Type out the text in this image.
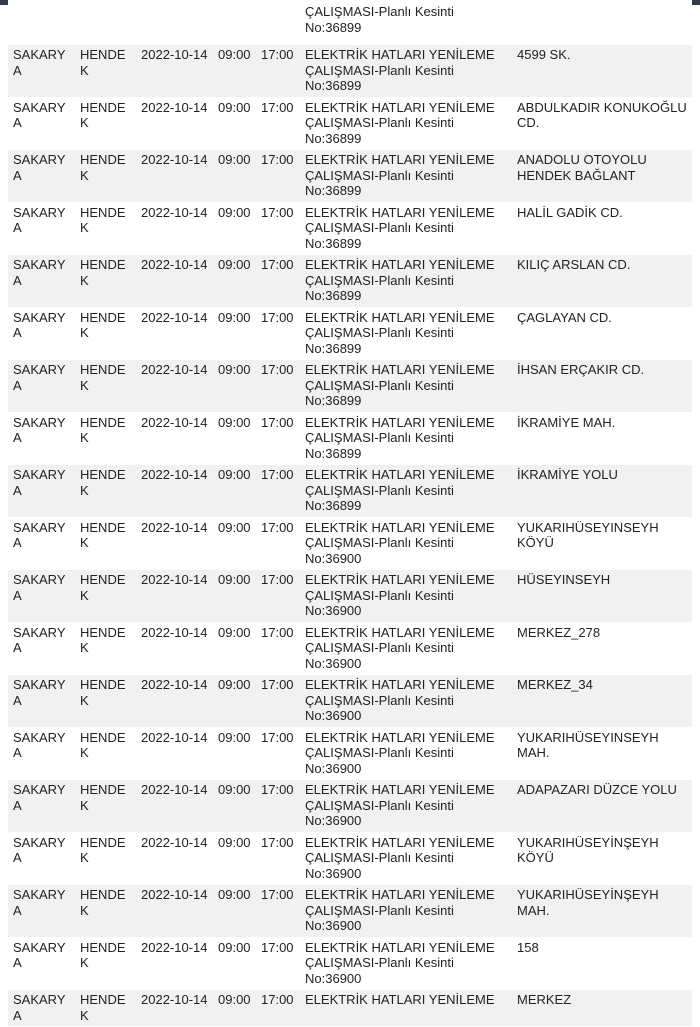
					ÇALIŞMASI-Planlı Kesinti
No:36899	

SAKARYA	HENDEK	2022-10-14	09:00	17:00	ELEKTRİK HATLARI YENİLEME
ÇALIŞMASI-Planlı Kesinti
No:36899	4599 SK.
SAKARYA	HENDEK	2022-10-14	09:00	17:00	ELEKTRİK HATLARI YENİLEME
ÇALIŞMASI-Planlı Kesinti
No:36899	ABDULKADIR KONUKOĞLU CD.
SAKARYA	HENDEK	2022-10-14	09:00	17:00	ELEKTRİK HATLARI YENİLEME
ÇALIŞMASI-Planlı Kesinti
No:36899	ANADOLU OTOYOLU HENDEK BAĞLANT
SAKARYA	HENDEK	2022-10-14	09:00	17:00	ELEKTRİK HATLARI YENİLEME
ÇALIŞMASI-Planlı Kesinti
No:36899	HALİL GADİK CD.
SAKARYA	HENDEK	2022-10-14	09:00	17:00	ELEKTRİK HATLARI YENİLEME
ÇALIŞMASI-Planlı Kesinti
No:36899	KILIÇ ARSLAN CD.
SAKARYA	HENDEK	2022-10-14	09:00	17:00	ELEKTRİK HATLARI YENİLEME
ÇALIŞMASI-Planlı Kesinti
No:36899	ÇAGLAYAN CD.
SAKARYA	HENDEK	2022-10-14	09:00	17:00	ELEKTRİK HATLARI YENİLEME
ÇALIŞMASI-Planlı Kesinti
No:36899	İHSAN ERÇAKIR CD.
SAKARYA	HENDEK	2022-10-14	09:00	17:00	ELEKTRİK HATLARI YENİLEME
ÇALIŞMASI-Planlı Kesinti
No:36899	İKRAMİYE MAH.
SAKARYA	HENDEK	2022-10-14	09:00	17:00	ELEKTRİK HATLARI YENİLEME
ÇALIŞMASI-Planlı Kesinti
No:36899	İKRAMİYE YOLU
SAKARYA	HENDEK	2022-10-14	09:00	17:00	ELEKTRİK HATLARI YENİLEME
ÇALIŞMASI-Planlı Kesinti
No:36900	YUKARIHÜSEYINSEYH KÖYÜ
SAKARYA	HENDEK	2022-10-14	09:00	17:00	ELEKTRİK HATLARI YENİLEME
ÇALIŞMASI-Planlı Kesinti
No:36900	HÜSEYINSEYH
SAKARYA	HENDEK	2022-10-14	09:00	17:00	ELEKTRİK HATLARI YENİLEME
ÇALIŞMASI-Planlı Kesinti
No:36900	MERKEZ_278
SAKARYA	HENDEK	2022-10-14	09:00	17:00	ELEKTRİK HATLARI YENİLEME
ÇALIŞMASI-Planlı Kesinti
No:36900	MERKEZ_34
SAKARYA	HENDEK	2022-10-14	09:00	17:00	ELEKTRİK HATLARI YENİLEME
ÇALIŞMASI-Planlı Kesinti
No:36900	YUKARIHÜSEYINSEYH MAH.
SAKARYA	HENDEK	2022-10-14	09:00	17:00	ELEKTRİK HATLARI YENİLEME
ÇALIŞMASI-Planlı Kesinti
No:36900	ADAPAZARI DÜZCE YOLU
SAKARYA	HENDEK	2022-10-14	09:00	17:00	ELEKTRİK HATLARI YENİLEME
ÇALIŞMASI-Planlı Kesinti
No:36900	YUKARIHÜSEYİNŞEYH KÖYÜ
SAKARYA	HENDEK	2022-10-14	09:00	17:00	ELEKTRİK HATLARI YENİLEME
ÇALIŞMASI-Planlı Kesinti
No:36900	YUKARIHÜSEYİNŞEYH MAH.
SAKARYA	HENDEK	2022-10-14	09:00	17:00	ELEKTRİK HATLARI YENİLEME
ÇALIŞMASI-Planlı Kesinti
No:36900	158
SAKARYA	HENDEK	2022-10-14	09:00	17:00	ELEKTRİK HATLARI YENİLEME	MERKEZ
